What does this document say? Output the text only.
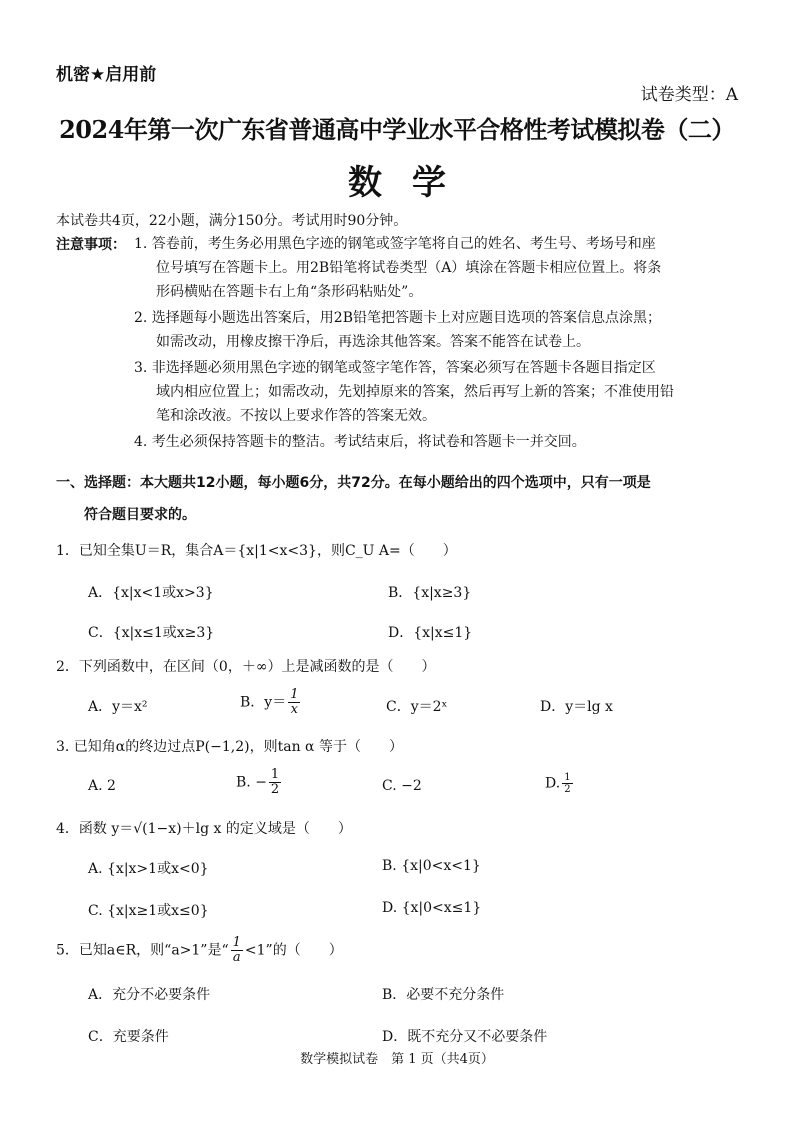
机密★启用前
试卷类型：A
2024年第一次广东省普通高中学业水平合格性考试模拟卷（二）
数学
本试卷共4页，22小题，满分150分。考试用时90分钟。
注意事项： 1. 答卷前，考生务必用黑色字迹的钢笔或签字笔将自己的姓名、考生号、考场号和座
位号填写在答题卡上。用2B铅笔将试卷类型（A）填涂在答题卡相应位置上。将条
形码横贴在答题卡右上角“条形码粘贴处”。
2. 选择题每小题选出答案后，用2B铅笔把答题卡上对应题目选项的答案信息点涂黑；
如需改动，用橡皮擦干净后，再选涂其他答案。答案不能答在试卷上。
3. 非选择题必须用黑色字迹的钢笔或签字笔作答，答案必须写在答题卡各题目指定区
域内相应位置上；如需改动，先划掉原来的答案，然后再写上新的答案；不准使用铅
笔和涂改液。不按以上要求作答的答案无效。
4. 考生必须保持答题卡的整洁。考试结束后，将试卷和答题卡一并交回。
一、选择题：本大题共12小题，每小题6分，共72分。在每小题给出的四个选项中，只有一项是
符合题目要求的。
1．已知全集U＝R，集合A＝{x|1<x<3}，则C_U A=（　　）
A．{x|x<1或x>3}	B．{x|x≥3}
C．{x|x≤1或x≥3}	D．{x|x≤1}
2．下列函数中，在区间（0，＋∞）上是减函数的是（　　）
A．y＝x²	B．$y= \frac{1}{x}$	C．y＝2ˣ	D．y＝lg x
3. 已知角α的终边过点P(−1,2)，则tan α 等于（　　）
A. 2	B. − $\frac{1}{2}$	C. −2	D. $\frac{1}{2}$
4．函数 y＝√(1−x)＋lg x 的定义域是（　　）
A. {x|x>1或x<0}	B. {x|0<x<1}
C. {x|x≥1或x≤0}	D. {x|0<x≤1}
5．已知a∈R，则“a>1”是“ $\frac{1}{a} <1$”的（　　）
A．充分不必要条件	B．必要不充分条件
C．充要条件	D．既不充分又不必要条件
数学模拟试卷　第 1 页（共4页）
